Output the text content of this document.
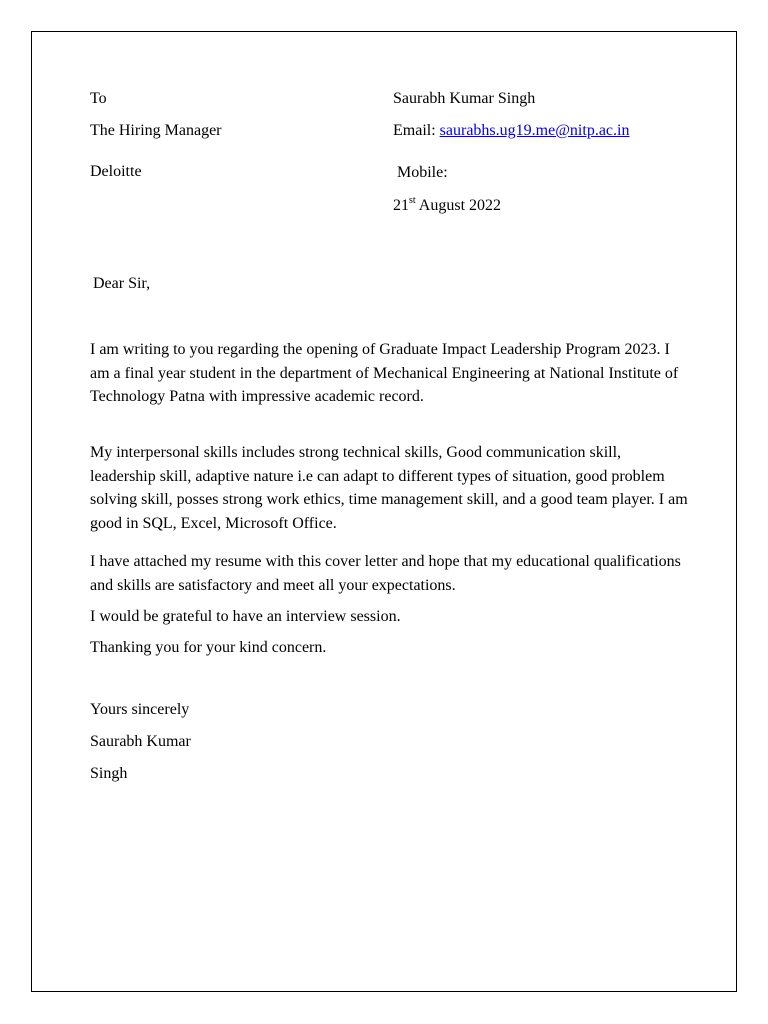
To
The Hiring Manager
Deloitte
Saurabh Kumar Singh
Email: saurabhs.ug19.me@nitp.ac.in
Mobile:
21st August 2022
Dear Sir,
I am writing to you regarding the opening of Graduate Impact Leadership Program 2023. I am a final year student in the department of Mechanical Engineering at National Institute of Technology Patna with impressive academic record.
My interpersonal skills includes strong technical skills, Good communication skill, leadership skill, adaptive nature i.e can adapt to different types of situation, good problem solving skill, posses strong work ethics, time management skill, and a good team player. I am good in SQL, Excel, Microsoft Office.
I have attached my resume with this cover letter and hope that my educational qualifications and skills are satisfactory and meet all your expectations.
I would be grateful to have an interview session.
Thanking you for your kind concern.
Yours sincerely
Saurabh Kumar
Singh
